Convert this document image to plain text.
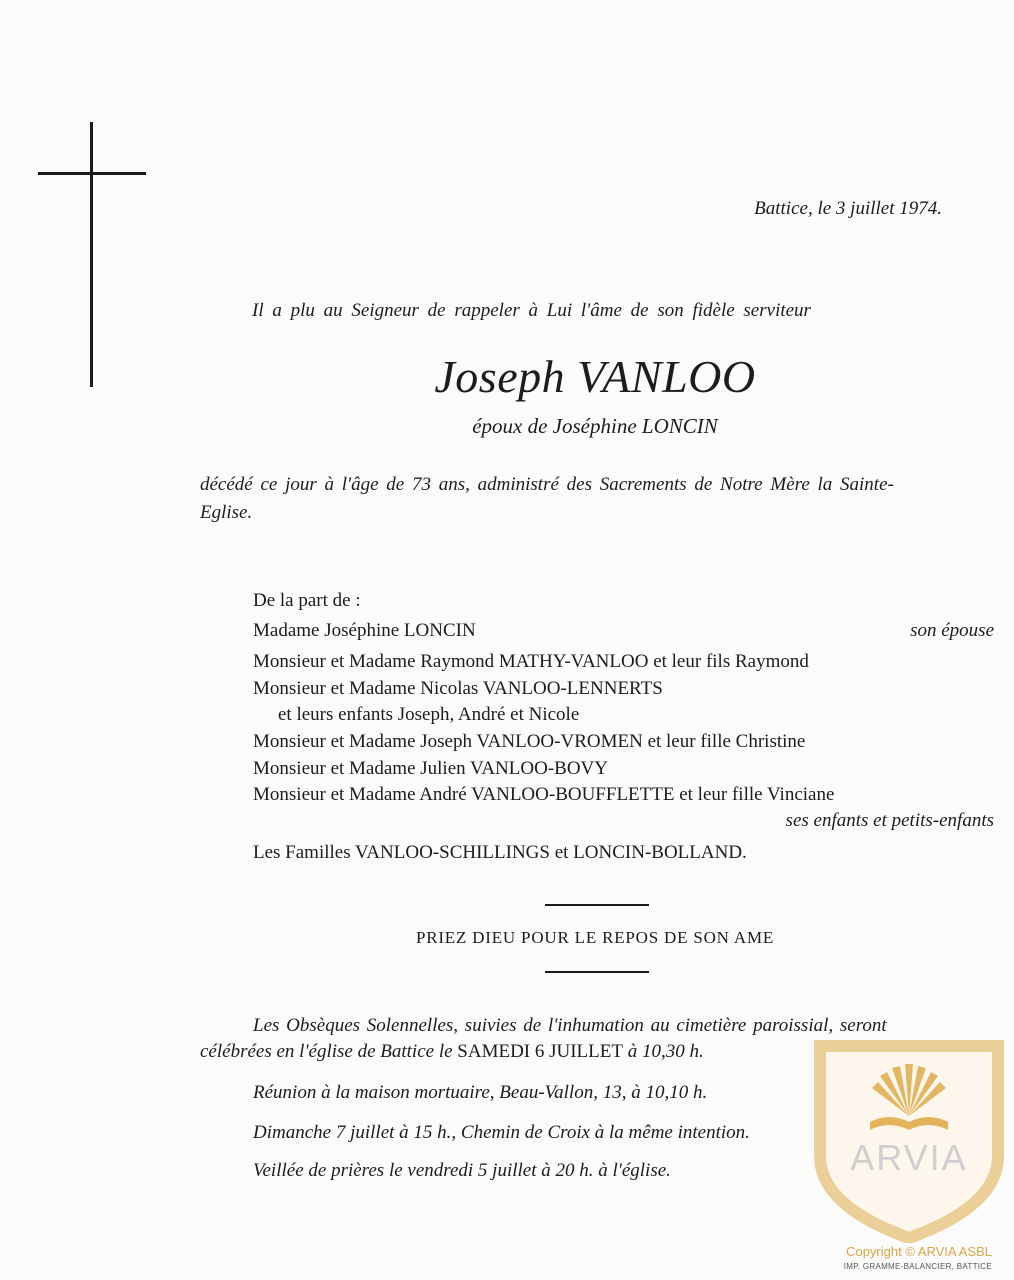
Battice, le 3 juillet 1974.
Il a plu au Seigneur de rappeler à Lui l'âme de son fidèle serviteur
Joseph VANLOO
époux de Joséphine LONCIN
décédé ce jour à l'âge de 73 ans, administré des Sacrements de Notre Mère la Sainte-
Eglise.
De la part de :
Madame Joséphine LONCIN	son épouse
Monsieur et Madame Raymond MATHY-VANLOO et leur fils Raymond
Monsieur et Madame Nicolas VANLOO-LENNERTS
et leurs enfants Joseph, André et Nicole
Monsieur et Madame Joseph VANLOO-VROMEN et leur fille Christine
Monsieur et Madame Julien VANLOO-BOVY
Monsieur et Madame André VANLOO-BOUFFLETTE et leur fille Vinciane
ses enfants et petits-enfants
Les Familles VANLOO-SCHILLINGS et LONCIN-BOLLAND.
PRIEZ DIEU POUR LE REPOS DE SON AME
Les Obsèques Solennelles, suivies de l'inhumation au cimetière paroissial, seront
célébrées en l'église de Battice le SAMEDI 6 JUILLET à 10,30 h.
Réunion à la maison mortuaire, Beau-Vallon, 13, à 10,10 h.
Dimanche 7 juillet à 15 h., Chemin de Croix à la même intention.
Veillée de prières le vendredi 5 juillet à 20 h. à l'église.	ARVIA
Copyright © ARVIA ASBL
IMP. GRAMME-BALANCIER, BATTICE
